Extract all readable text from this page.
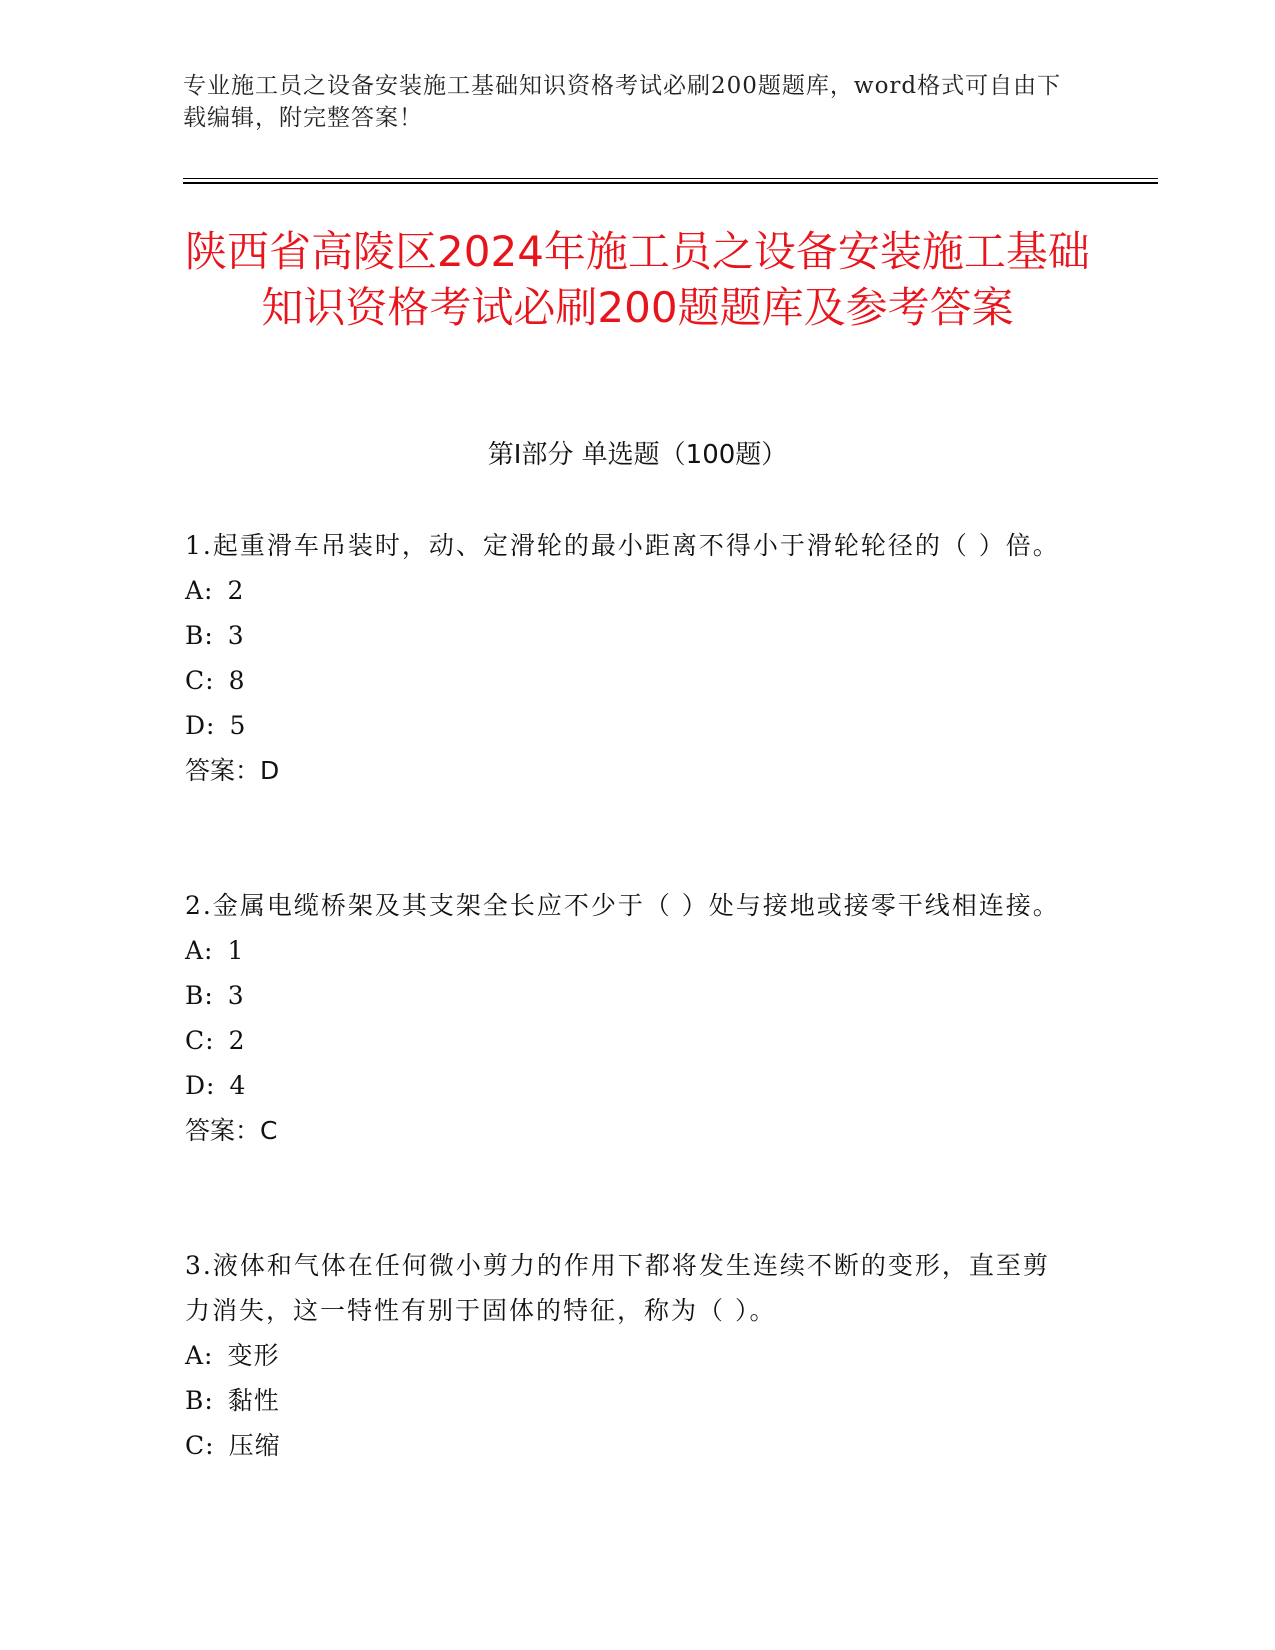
专业施工员之设备安装施工基础知识资格考试必刷200题题库，word格式可自由下载编辑，附完整答案！
陕西省高陵区2024年施工员之设备安装施工基础知识资格考试必刷200题题库及参考答案
第Ⅰ部分 单选题（100题）
1.起重滑车吊装时，动、定滑轮的最小距离不得小于滑轮轮径的（ ）倍。
A: 2
B: 3
C: 8
D: 5
答案：D
2.金属电缆桥架及其支架全长应不少于（ ）处与接地或接零干线相连接。
A: 1
B: 3
C: 2
D: 4
答案：C
3.液体和气体在任何微小剪力的作用下都将发生连续不断的变形，直至剪力消失，这一特性有别于固体的特征，称为（ ）。
A: 变形
B: 黏性
C: 压缩
